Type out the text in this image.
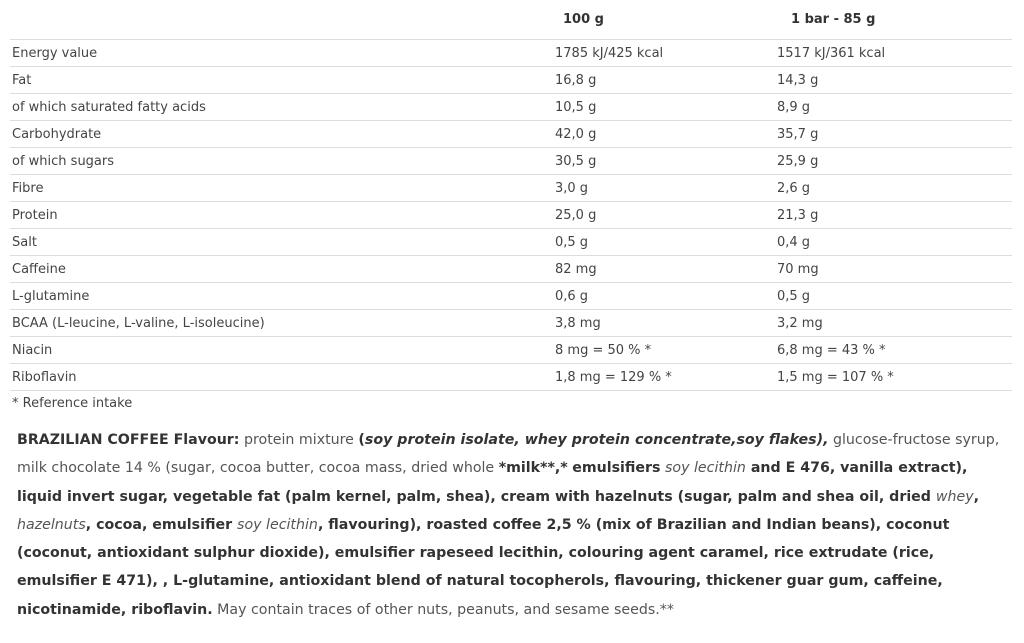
	100 g	1 bar - 85 g
Energy value	1785 kJ/425 kcal	1517 kJ/361 kcal
Fat	16,8 g	14,3 g
of which saturated fatty acids	10,5 g	8,9 g
Carbohydrate	42,0 g	35,7 g
of which sugars	30,5 g	25,9 g
Fibre	3,0 g	2,6 g
Protein	25,0 g	21,3 g
Salt	0,5 g	0,4 g
Caffeine	82 mg	70 mg
L-glutamine	0,6 g	0,5 g
BCAA (L-leucine, L-valine, L-isoleucine)	3,8 mg	3,2 mg
Niacin	8 mg = 50 % *	6,8 mg = 43 % *
Riboflavin	1,8 mg = 129 % *	1,5 mg = 107 % *
* Reference intake

BRAZILIAN COFFEE Flavour: protein mixture (soy protein isolate, whey protein concentrate,soy flakes), glucose-fructose syrup, milk chocolate 14 % (sugar, cocoa butter, cocoa mass, dried whole *milk**,* emulsifiers soy lecithin and E 476, vanilla extract), liquid invert sugar, vegetable fat (palm kernel, palm, shea), cream with hazelnuts (sugar, palm and shea oil, dried whey, hazelnuts, cocoa, emulsifier soy lecithin, flavouring), roasted coffee 2,5 % (mix of Brazilian and Indian beans), coconut (coconut, antioxidant sulphur dioxide), emulsifier rapeseed lecithin, colouring agent caramel, rice extrudate (rice, emulsifier E 471), , L-glutamine, antioxidant blend of natural tocopherols, flavouring, thickener guar gum, caffeine, nicotinamide, riboflavin. May contain traces of other nuts, peanuts, and sesame seeds.**
